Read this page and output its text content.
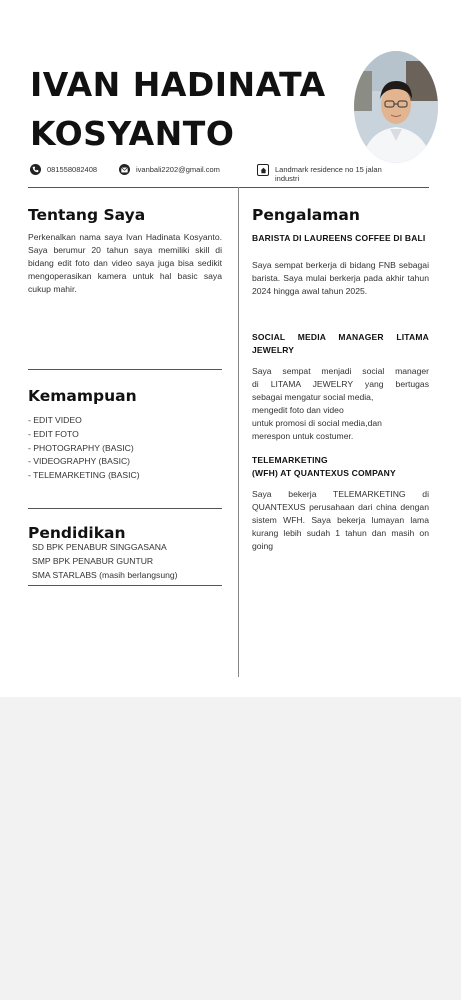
IVAN HADINATA
KOSYANTO
081558082408	ivanbali2202@gmail.com	Landmark residence no 15 jalan industri
Tentang Saya

Perkenalkan nama saya Ivan Hadinata Kosyanto. Saya berumur 20 tahun saya memiliki skill di bidang edit foto dan video saya juga bisa sedikit mengoperasikan kamera untuk hal basic saya cukup mahir.

Kemampuan
- EDIT VIDEO
- EDIT FOTO
- PHOTOGRAPHY (BASIC)
- VIDEOGRAPHY (BASIC)
- TELEMARKETING (BASIC)
Pendidikan
SD BPK PENABUR SINGGASANA
SMP BPK PENABUR GUNTUR
SMA STARLABS (masih berlangsung)
Pengalaman

BARISTA DI LAUREENS COFFEE DI BALI

Saya sempat berkerja di bidang FNB sebagai barista. Saya mulai berkerja pada akhir tahun 2024 hingga awal tahun 2025.

SOCIAL MEDIA MANAGER LITAMA JEWELRY

Saya sempat menjadi social manager
di LITAMA JEWELRY yang bertugas
sebagai mengatur social media,
mengedit foto dan video
untuk promosi di social media,dan
merespon untuk costumer.
TELEMARKETING
(WFH) AT QUANTEXUS COMPANY

Saya bekerja TELEMARKETING di QUANTEXUS perusahaan dari china dengan sistem WFH. Saya bekerja lumayan lama kurang lebih sudah 1 tahun dan masih on going
